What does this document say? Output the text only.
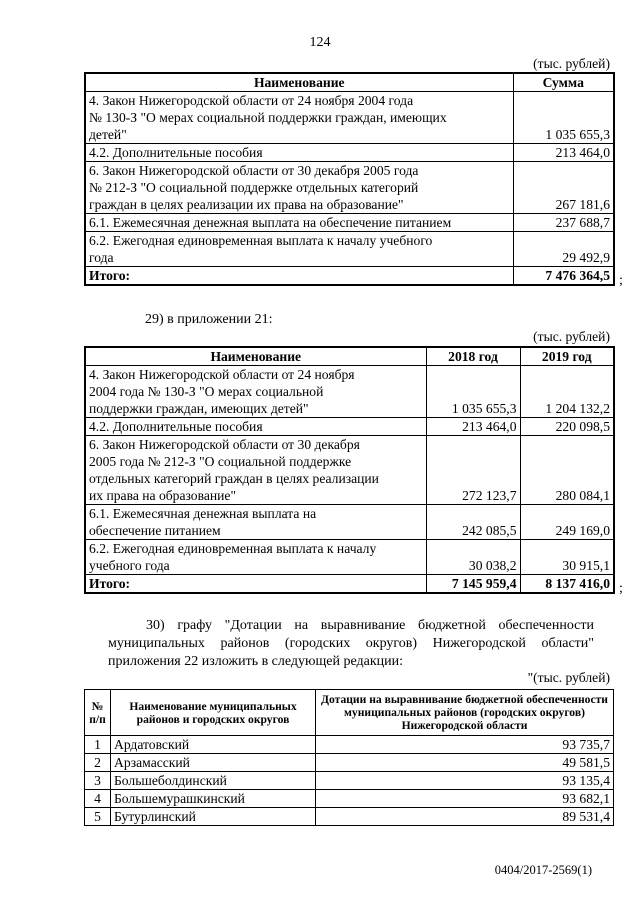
124
(тыс. рублей)
Наименование	Сумма

4. Закон Нижегородской области от 24 ноября 2004 года
№ 130-З "О мерах социальной поддержки граждан, имеющих
детей"	1 035 655,3

4.2. Дополнительные пособия	213 464,0

6. Закон Нижегородской области от 30 декабря 2005 года
№ 212-З "О социальной поддержке отдельных категорий
граждан в целях реализации их права на образование"	267 181,6

6.1. Ежемесячная денежная выплата на обеспечение питанием	237 688,7

6.2. Ежегодная единовременная выплата к началу учебного
года	29 492,9
Итого:	7 476 364,5 ;
29) в приложении 21:
(тыс. рублей)
Наименование	2018 год	2019 год

4. Закон Нижегородской области от 24 ноября
2004 года № 130-З "О мерах социальной
поддержки граждан, имеющих детей"	1 035 655,3	1 204 132,2

4.2. Дополнительные пособия	213 464,0	220 098,5

6. Закон Нижегородской области от 30 декабря
2005 года № 212-З "О социальной поддержке
отдельных категорий граждан в целях реализации
их права на образование"	272 123,7	280 084,1

6.1. Ежемесячная денежная выплата на
обеспечение питанием	242 085,5	249 169,0

6.2. Ежегодная единовременная выплата к началу
учебного года	30 038,2	30 915,1
Итого:	7 145 959,4	8 137 416,0 ;
30) графу "Дотации на выравнивание бюджетной обеспеченности муниципальных районов (городских округов) Нижегородской области" приложения 22 изложить в следующей редакции:
"(тыс. рублей)
№ п/п	Наименование муниципальных районов и городских округов	Дотации на выравнивание бюджетной обеспеченности муниципальных районов (городских округов) Нижегородской области
1	Ардатовский	93 735,7
2	Арзамасский	49 581,5
3	Большеболдинский	93 135,4
4	Большемурашкинский	93 682,1
5	Бутурлинский	89 531,4
0404/2017-2569(1)
